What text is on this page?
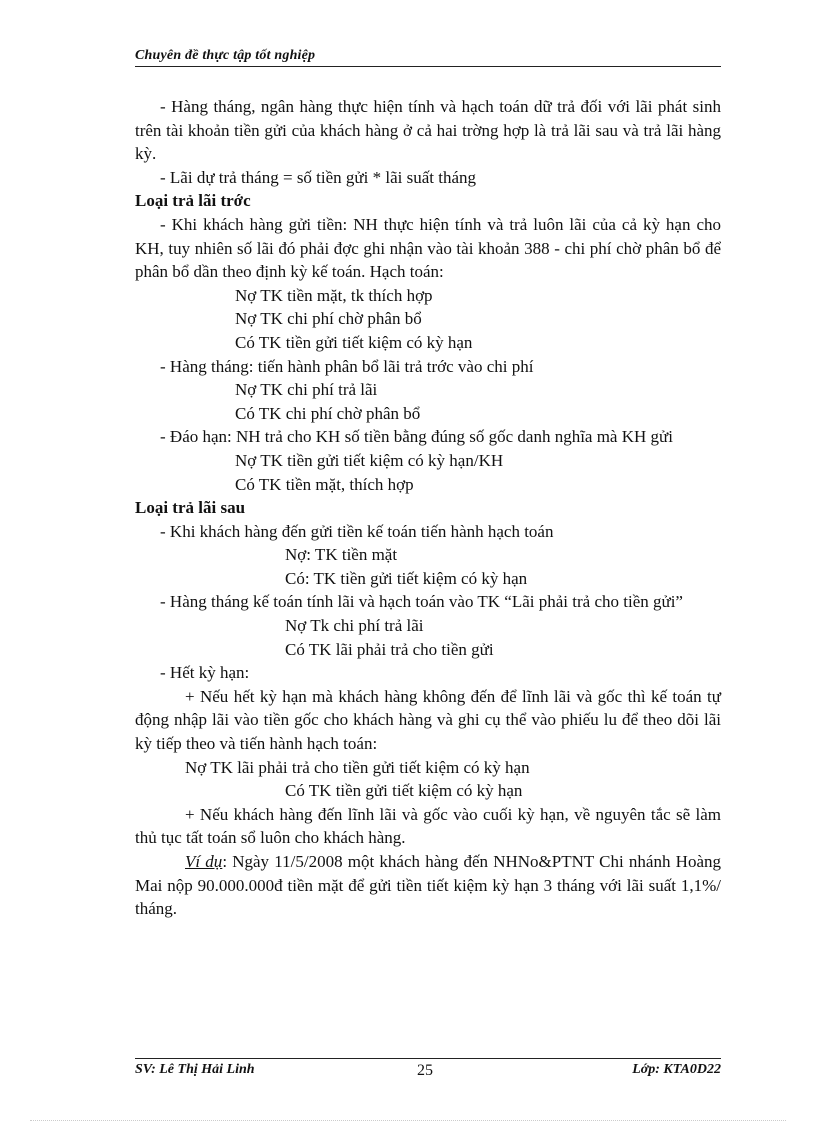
Chuyên đề thực tập tốt nghiệp

- Hàng tháng, ngân hàng thực hiện tính và hạch toán dữ trả đối với lãi phát sinh trên tài khoản tiền gửi của khách hàng ở cả hai trờng hợp là trả lãi sau và trả lãi hàng kỳ.

- Lãi dự trả tháng = số tiền gửi * lãi suất tháng

Loại trả lãi trớc

- Khi khách hàng gửi tiền: NH thực hiện tính và trả luôn lãi của cả kỳ hạn cho KH, tuy nhiên số lãi đó phải đợc ghi nhận vào tài khoản 388 - chi phí chờ phân bổ để phân bổ dần theo định kỳ kế toán. Hạch toán:

Nợ TK tiền mặt, tk thích hợp

Nợ TK chi phí chờ phân bổ

Có TK tiền gửi tiết kiệm có kỳ hạn

- Hàng tháng: tiến hành phân bổ lãi trả trớc vào chi phí

Nợ TK chi phí trả lãi

Có TK chi phí chờ phân bổ

- Đáo hạn: NH trả cho KH số tiền bằng đúng số gốc danh nghĩa mà KH gửi

Nợ TK tiền gửi tiết kiệm có kỳ hạn/KH

Có TK tiền mặt, thích hợp

Loại trả lãi sau

- Khi khách hàng đến gửi tiền kế toán tiến hành hạch toán

Nợ: TK tiền mặt

Có: TK tiền gửi tiết kiệm có kỳ hạn

- Hàng tháng kế toán tính lãi và hạch toán vào TK “Lãi phải trả cho tiền gửi”

Nợ Tk chi phí trả lãi

Có TK lãi phải trả cho tiền gửi

- Hết kỳ hạn:

+ Nếu hết kỳ hạn mà khách hàng không đến để lĩnh lãi và gốc thì kế toán tự động nhập lãi vào tiền gốc cho khách hàng và ghi cụ thể vào phiếu lu để theo dõi lãi kỳ tiếp theo và tiến hành hạch toán:

Nợ TK lãi phải trả cho tiền gửi tiết kiệm có kỳ hạn

Có TK tiền gửi tiết kiệm có kỳ hạn

+ Nếu khách hàng đến lĩnh lãi và gốc vào cuối kỳ hạn, về nguyên tắc sẽ làm thủ tục tất toán sổ luôn cho khách hàng.

Ví dụ: Ngày 11/5/2008 một khách hàng đến NHNo&PTNT Chi nhánh Hoàng Mai nộp 90.000.000đ tiền mặt để gửi tiền tiết kiệm kỳ hạn 3 tháng với lãi suất 1,1%/ tháng.

SV: Lê Thị Hải Linh	25	Lớp: KTA0D22
